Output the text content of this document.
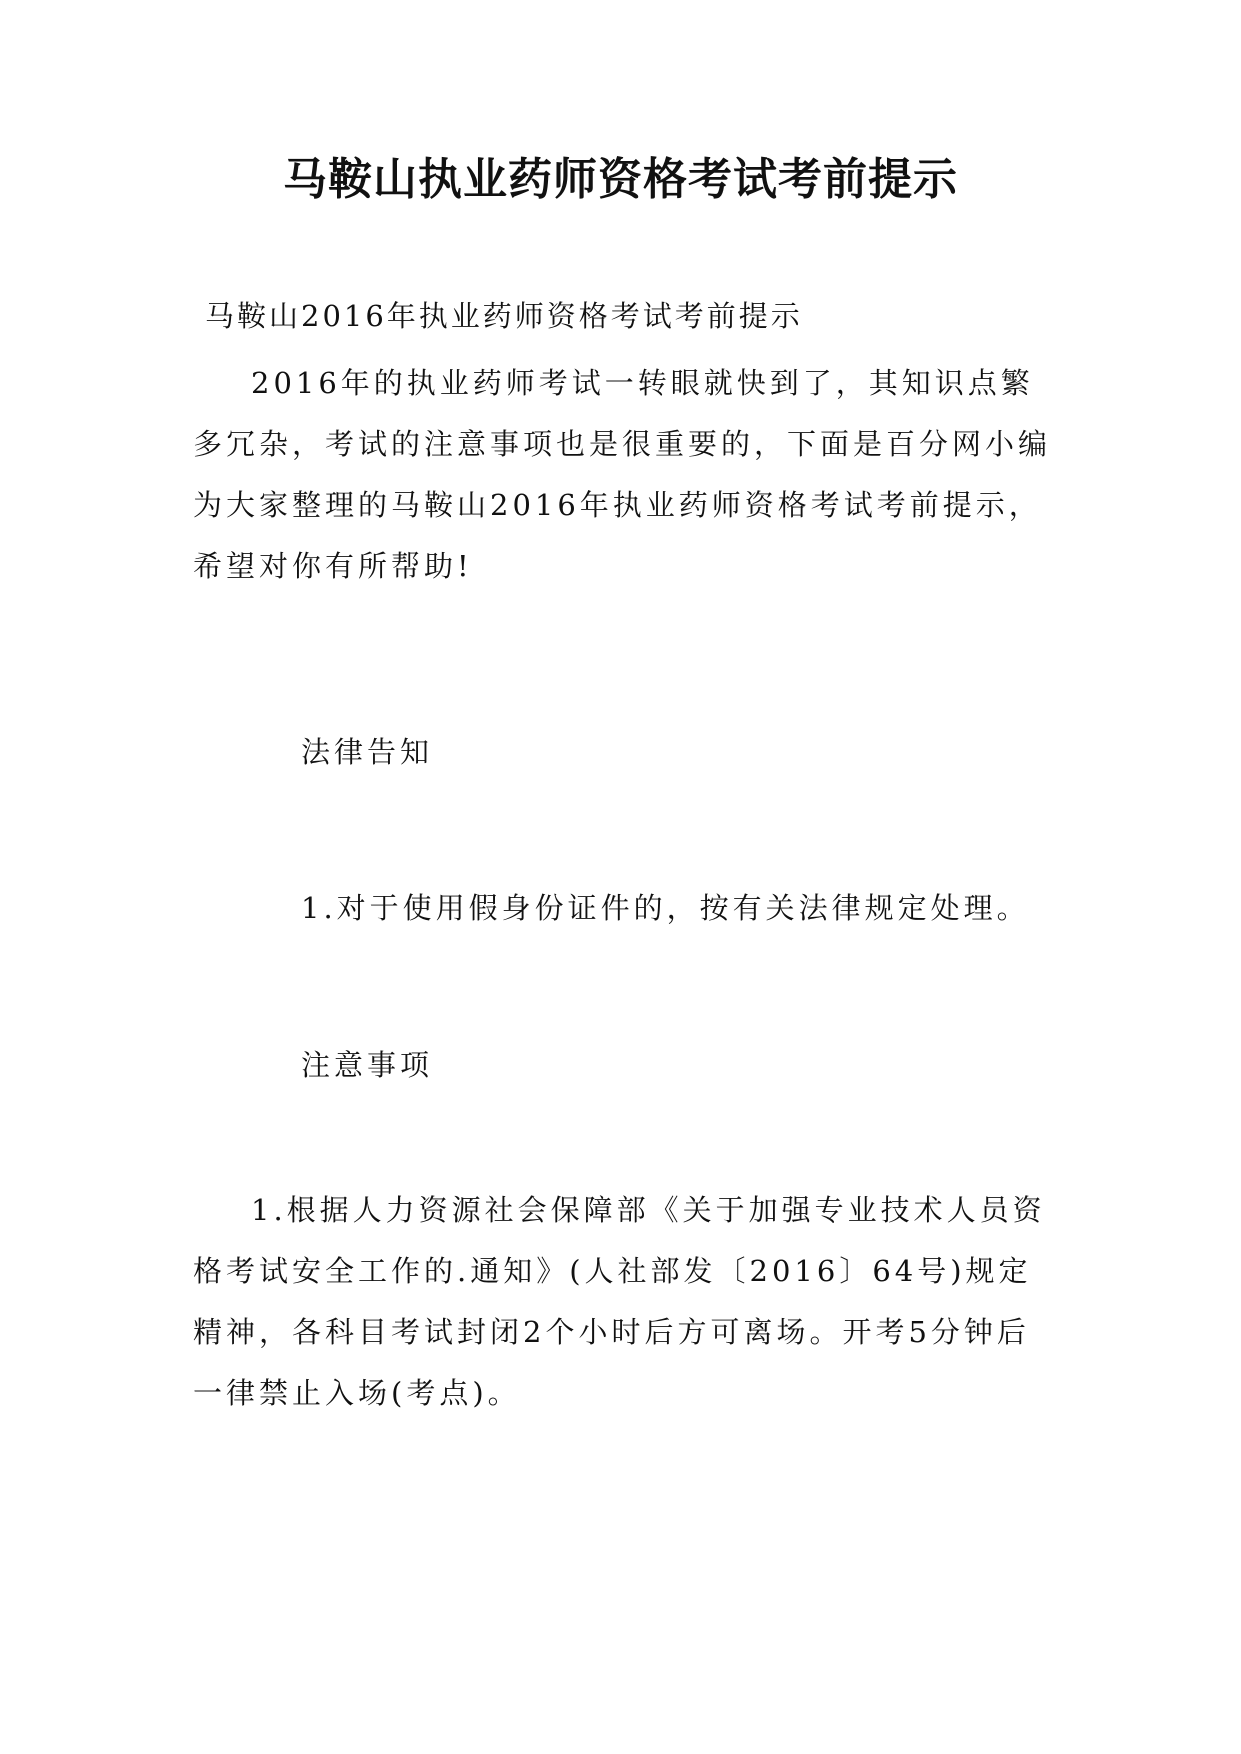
马鞍山执业药师资格考试考前提示

马鞍山2016年执业药师资格考试考前提示

2016年的执业药师考试一转眼就快到了，其知识点繁多冗杂，考试的注意事项也是很重要的，下面是百分网小编为大家整理的马鞍山2016年执业药师资格考试考前提示，希望对你有所帮助!

法律告知

1.对于使用假身份证件的，按有关法律规定处理。

注意事项

1.根据人力资源社会保障部《关于加强专业技术人员资格考试安全工作的.通知》(人社部发〔2016〕64号)规定精神，各科目考试封闭2个小时后方可离场。开考5分钟后一律禁止入场(考点)。
